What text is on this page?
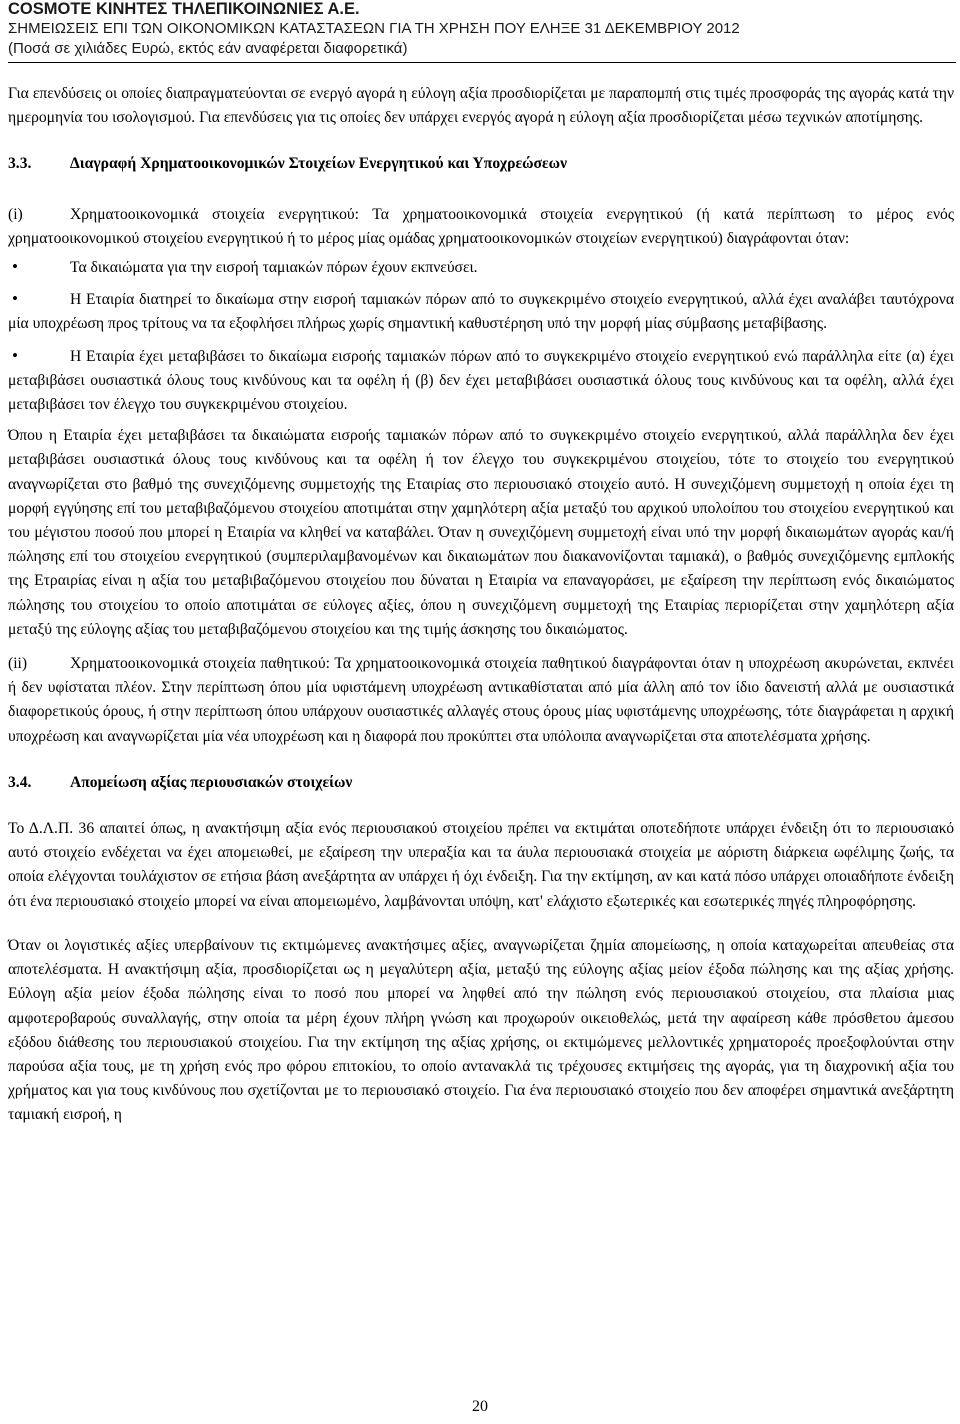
COSMOTE ΚΙΝΗΤΕΣ ΤΗΛΕΠΙΚΟΙΝΩΝΙΕΣ Α.Ε.
ΣΗΜΕΙΩΣΕΙΣ ΕΠΙ ΤΩΝ ΟΙΚΟΝΟΜΙΚΩΝ ΚΑΤΑΣΤΑΣΕΩΝ ΓΙΑ ΤΗ ΧΡΗΣΗ ΠΟΥ ΕΛΗΞΕ 31 ΔΕΚΕΜΒΡΙΟΥ 2012
(Ποσά σε χιλιάδες Ευρώ, εκτός εάν αναφέρεται διαφορετικά)

Για επενδύσεις οι οποίες διαπραγματεύονται σε ενεργό αγορά η εύλογη αξία προσδιορίζεται με παραπομπή στις τιμές προσφοράς της αγοράς κατά την ημερομηνία του ισολογισμού. Για επενδύσεις για τις οποίες δεν υπάρχει ενεργός αγορά η εύλογη αξία προσδιορίζεται μέσω τεχνικών αποτίμησης.

3.3. Διαγραφή Χρηματοοικονομικών Στοιχείων Ενεργητικού και Υποχρεώσεων

(i)	Χρηματοοικονομικά στοιχεία ενεργητικού: Τα χρηματοοικονομικά στοιχεία ενεργητικού (ή κατά περίπτωση το μέρος ενός χρηματοοικονομικού στοιχείου ενεργητικού ή το μέρος μίας ομάδας χρηματοοικονομικών στοιχείων ενεργητικού) διαγράφονται όταν:

•Τα δικαιώματα για την εισροή ταμιακών πόρων έχουν εκπνεύσει.
•Η Εταιρία διατηρεί το δικαίωμα στην εισροή ταμιακών πόρων από το συγκεκριμένο στοιχείο ενεργητικού, αλλά έχει αναλάβει ταυτόχρονα μία υποχρέωση προς τρίτους να τα εξοφλήσει πλήρως χωρίς σημαντική καθυστέρηση υπό την μορφή μίας σύμβασης μεταβίβασης.
•Η Εταιρία έχει μεταβιβάσει το δικαίωμα εισροής ταμιακών πόρων από το συγκεκριμένο στοιχείο ενεργητικού ενώ παράλληλα είτε (α) έχει μεταβιβάσει ουσιαστικά όλους τους κινδύνους και τα οφέλη ή (β) δεν έχει μεταβιβάσει ουσιαστικά όλους τους κινδύνους και τα οφέλη, αλλά έχει μεταβιβάσει τον έλεγχο του συγκεκριμένου στοιχείου.

Όπου η Εταιρία έχει μεταβιβάσει τα δικαιώματα εισροής ταμιακών πόρων από το συγκεκριμένο στοιχείο ενεργητικού, αλλά παράλληλα δεν έχει μεταβιβάσει ουσιαστικά όλους τους κινδύνους και τα οφέλη ή τον έλεγχο του συγκεκριμένου στοιχείου, τότε το στοιχείο του ενεργητικού αναγνωρίζεται στο βαθμό της συνεχιζόμενης συμμετοχής της Εταιρίας στο περιουσιακό στοιχείο αυτό. Η συνεχιζόμενη συμμετοχή η οποία έχει τη μορφή εγγύησης επί του μεταβιβαζόμενου στοιχείου αποτιμάται στην χαμηλότερη αξία μεταξύ του αρχικού υπολοίπου του στοιχείου ενεργητικού και του μέγιστου ποσού που μπορεί η Εταιρία να κληθεί να καταβάλει. Όταν η συνεχιζόμενη συμμετοχή είναι υπό την μορφή δικαιωμάτων αγοράς και/ή πώλησης επί του στοιχείου ενεργητικού (συμπεριλαμβανομένων και δικαιωμάτων που διακανονίζονται ταμιακά), ο βαθμός συνεχιζόμενης εμπλοκής της Ετραιρίας είναι η αξία του μεταβιβαζόμενου στοιχείου που δύναται η Εταιρία να επαναγοράσει, με εξαίρεση την περίπτωση ενός δικαιώματος πώλησης του στοιχείου το οποίο αποτιμάται σε εύλογες αξίες, όπου η συνεχιζόμενη συμμετοχή της Εταιρίας περιορίζεται στην χαμηλότερη αξία μεταξύ της εύλογης αξίας του μεταβιβαζόμενου στοιχείου και της τιμής άσκησης του δικαιώματος.

(ii)	Χρηματοοικονομικά στοιχεία παθητικού: Τα χρηματοοικονομικά στοιχεία παθητικού διαγράφονται όταν η υποχρέωση ακυρώνεται, εκπνέει ή δεν υφίσταται πλέον. Στην περίπτωση όπου μία υφιστάμενη υποχρέωση αντικαθίσταται από μία άλλη από τον ίδιο δανειστή αλλά με ουσιαστικά διαφορετικούς όρους, ή στην περίπτωση όπου υπάρχουν ουσιαστικές αλλαγές στους όρους μίας υφιστάμενης υποχρέωσης, τότε διαγράφεται η αρχική υποχρέωση και αναγνωρίζεται μία νέα υποχρέωση και η διαφορά που προκύπτει στα υπόλοιπα αναγνωρίζεται στα αποτελέσματα χρήσης.

3.4. Απομείωση αξίας περιουσιακών στοιχείων

Το Δ.Λ.Π. 36 απαιτεί όπως, η ανακτήσιμη αξία ενός περιουσιακού στοιχείου πρέπει να εκτιμάται οποτεδήποτε υπάρχει ένδειξη ότι το περιουσιακό αυτό στοιχείο ενδέχεται να έχει απομειωθεί, με εξαίρεση την υπεραξία και τα άυλα περιουσιακά στοιχεία με αόριστη διάρκεια ωφέλιμης ζωής, τα οποία ελέγχονται τουλάχιστον σε ετήσια βάση ανεξάρτητα αν υπάρχει ή όχι ένδειξη. Για την εκτίμηση, αν και κατά πόσο υπάρχει οποιαδήποτε ένδειξη ότι ένα περιουσιακό στοιχείο μπορεί να είναι απομειωμένο, λαμβάνονται υπόψη, κατ' ελάχιστο εξωτερικές και εσωτερικές πηγές πληροφόρησης.

Όταν οι λογιστικές αξίες υπερβαίνουν τις εκτιμώμενες ανακτήσιμες αξίες, αναγνωρίζεται ζημία απομείωσης, η οποία καταχωρείται απευθείας στα αποτελέσματα. Η ανακτήσιμη αξία, προσδιορίζεται ως η μεγαλύτερη αξία, μεταξύ της εύλογης αξίας μείον έξοδα πώλησης και της αξίας χρήσης. Εύλογη αξία μείον έξοδα πώλησης είναι το ποσό που μπορεί να ληφθεί από την πώληση ενός περιουσιακού στοιχείου, στα πλαίσια μιας αμφοτεροβαρούς συναλλαγής, στην οποία τα μέρη έχουν πλήρη γνώση και προχωρούν οικειοθελώς, μετά την αφαίρεση κάθε πρόσθετου άμεσου εξόδου διάθεσης του περιουσιακού στοιχείου. Για την εκτίμηση της αξίας χρήσης, οι εκτιμώμενες μελλοντικές χρηματοροές προεξοφλούνται στην παρούσα αξία τους, με τη χρήση ενός προ φόρου επιτοκίου, το οποίο αντανακλά τις τρέχουσες εκτιμήσεις της αγοράς, για τη διαχρονική αξία του χρήματος και για τους κινδύνους που σχετίζονται με το περιουσιακό στοιχείο. Για ένα περιουσιακό στοιχείο που δεν αποφέρει σημαντικά ανεξάρτητη ταμιακή εισροή, η

20
